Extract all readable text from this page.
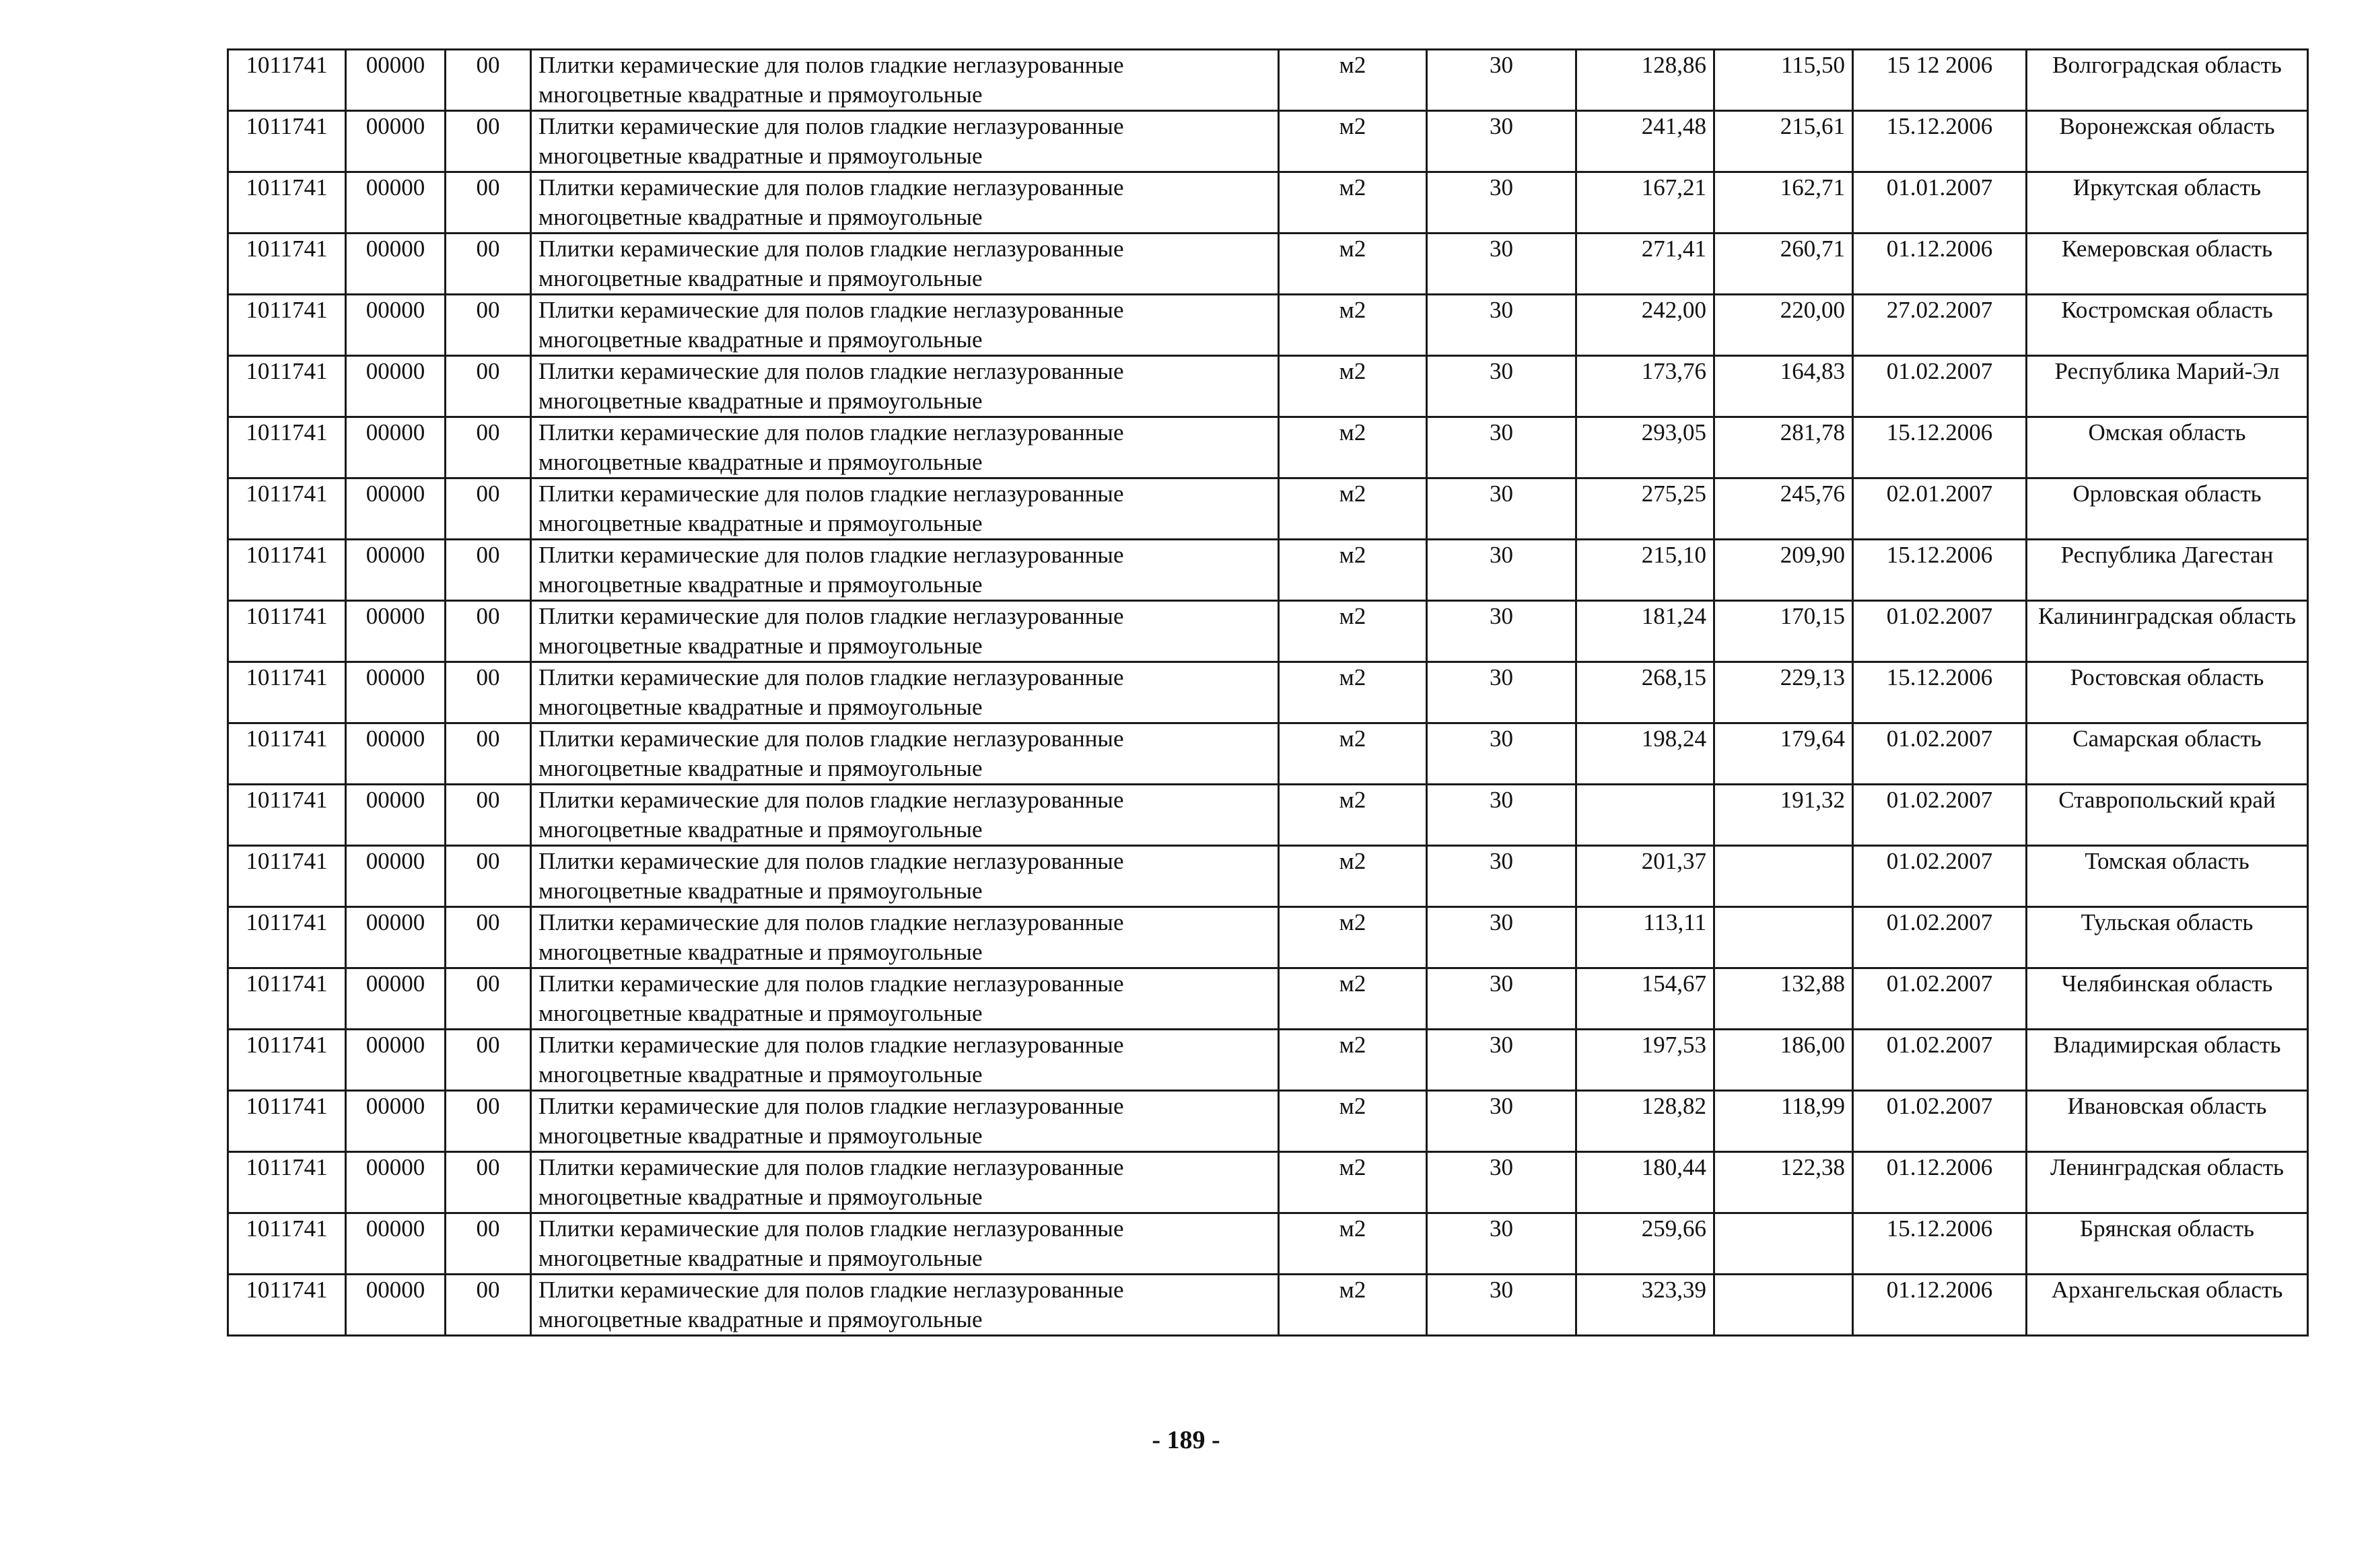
1011741	00000	00	Плитки керамические для полов гладкие неглазурованные
многоцветные квадратные и прямоугольные	м2	30	128,86	115,50	15 12 2006	Волгоградская область
1011741	00000	00	Плитки керамические для полов гладкие неглазурованные
многоцветные квадратные и прямоугольные	м2	30	241,48	215,61	15.12.2006	Воронежская область
1011741	00000	00	Плитки керамические для полов гладкие неглазурованные
многоцветные квадратные и прямоугольные	м2	30	167,21	162,71	01.01.2007	Иркутская область
1011741	00000	00	Плитки керамические для полов гладкие неглазурованные
многоцветные квадратные и прямоугольные	м2	30	271,41	260,71	01.12.2006	Кемеровская область
1011741	00000	00	Плитки керамические для полов гладкие неглазурованные
многоцветные квадратные и прямоугольные	м2	30	242,00	220,00	27.02.2007	Костромская область
1011741	00000	00	Плитки керамические для полов гладкие неглазурованные
многоцветные квадратные и прямоугольные	м2	30	173,76	164,83	01.02.2007	Республика Марий-Эл
1011741	00000	00	Плитки керамические для полов гладкие неглазурованные
многоцветные квадратные и прямоугольные	м2	30	293,05	281,78	15.12.2006	Омская область
1011741	00000	00	Плитки керамические для полов гладкие неглазурованные
многоцветные квадратные и прямоугольные	м2	30	275,25	245,76	02.01.2007	Орловская область
1011741	00000	00	Плитки керамические для полов гладкие неглазурованные
многоцветные квадратные и прямоугольные	м2	30	215,10	209,90	15.12.2006	Республика Дагестан
1011741	00000	00	Плитки керамические для полов гладкие неглазурованные
многоцветные квадратные и прямоугольные	м2	30	181,24	170,15	01.02.2007	Калининградская область
1011741	00000	00	Плитки керамические для полов гладкие неглазурованные
многоцветные квадратные и прямоугольные	м2	30	268,15	229,13	15.12.2006	Ростовская область
1011741	00000	00	Плитки керамические для полов гладкие неглазурованные
многоцветные квадратные и прямоугольные	м2	30	198,24	179,64	01.02.2007	Самарская область
1011741	00000	00	Плитки керамические для полов гладкие неглазурованные
многоцветные квадратные и прямоугольные	м2	30		191,32	01.02.2007	Ставропольский край
1011741	00000	00	Плитки керамические для полов гладкие неглазурованные
многоцветные квадратные и прямоугольные	м2	30	201,37		01.02.2007	Томская область
1011741	00000	00	Плитки керамические для полов гладкие неглазурованные
многоцветные квадратные и прямоугольные	м2	30	113,11		01.02.2007	Тульская область
1011741	00000	00	Плитки керамические для полов гладкие неглазурованные
многоцветные квадратные и прямоугольные	м2	30	154,67	132,88	01.02.2007	Челябинская область
1011741	00000	00	Плитки керамические для полов гладкие неглазурованные
многоцветные квадратные и прямоугольные	м2	30	197,53	186,00	01.02.2007	Владимирская область
1011741	00000	00	Плитки керамические для полов гладкие неглазурованные
многоцветные квадратные и прямоугольные	м2	30	128,82	118,99	01.02.2007	Ивановская область
1011741	00000	00	Плитки керамические для полов гладкие неглазурованные
многоцветные квадратные и прямоугольные	м2	30	180,44	122,38	01.12.2006	Ленинградская область
1011741	00000	00	Плитки керамические для полов гладкие неглазурованные
многоцветные квадратные и прямоугольные	м2	30	259,66		15.12.2006	Брянская область
1011741	00000	00	Плитки керамические для полов гладкие неглазурованные
многоцветные квадратные и прямоугольные	м2	30	323,39		01.12.2006	Архангельская область
- 189 -
